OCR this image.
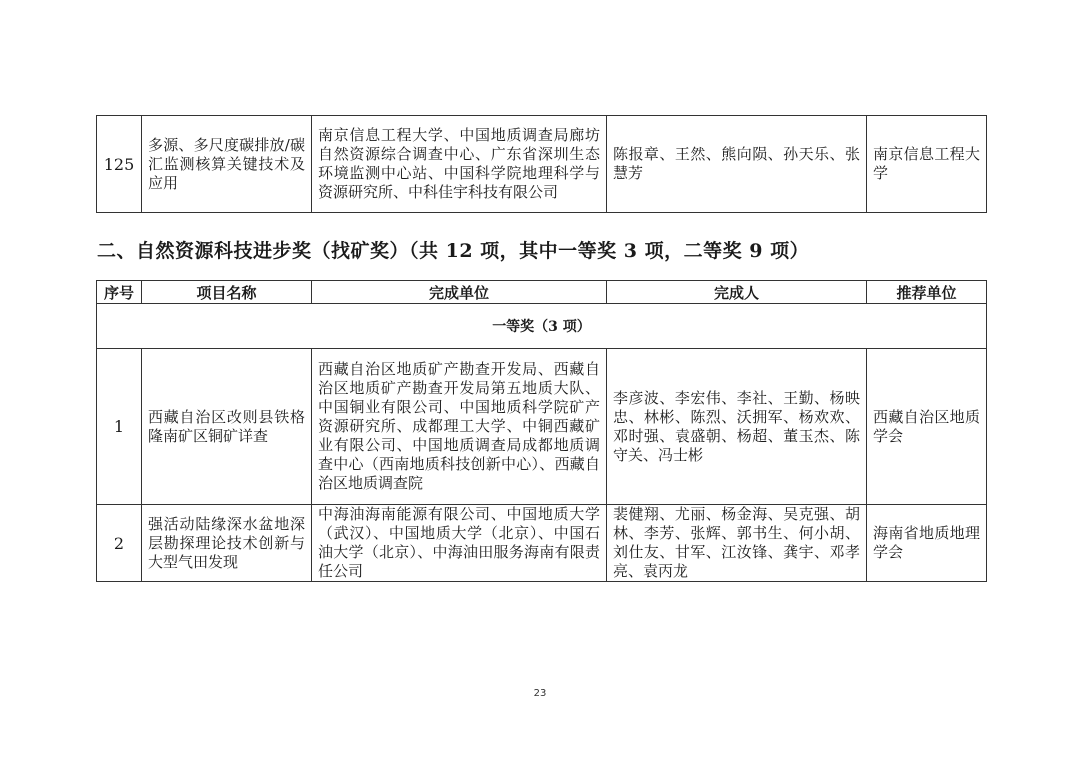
125	多源、多尺度碳排放/碳汇监测核算关键技术及应用	南京信息工程大学、中国地质调查局廊坊自然资源综合调查中心、广东省深圳生态环境监测中心站、中国科学院地理科学与资源研究所、中科佳宇科技有限公司	陈报章、王然、熊向陨、孙天乐、张慧芳	南京信息工程大学
二、自然资源科技进步奖（找矿奖）（共 12 项，其中一等奖 3 项，二等奖 9 项）
序号	项目名称	完成单位	完成人	推荐单位
一等奖（3 项）				
1	西藏自治区改则县铁格隆南矿区铜矿详查	西藏自治区地质矿产勘查开发局、西藏自治区地质矿产勘查开发局第五地质大队、中国铜业有限公司、中国地质科学院矿产资源研究所、成都理工大学、中铜西藏矿业有限公司、中国地质调查局成都地质调查中心（西南地质科技创新中心）、西藏自治区地质调查院	李彦波、李宏伟、李社、王勤、杨映忠、林彬、陈烈、沃拥军、杨欢欢、邓时强、袁盛朝、杨超、董玉杰、陈守关、冯士彬	西藏自治区地质学会
2	强活动陆缘深水盆地深层勘探理论技术创新与大型气田发现	中海油海南能源有限公司、中国地质大学（武汉）、中国地质大学（北京）、中国石油大学（北京）、中海油田服务海南有限责任公司	裴健翔、尤丽、杨金海、吴克强、胡林、李芳、张辉、郭书生、何小胡、刘仕友、甘军、江汝锋、龚宇、邓孝亮、袁丙龙	海南省地质地理学会
23
